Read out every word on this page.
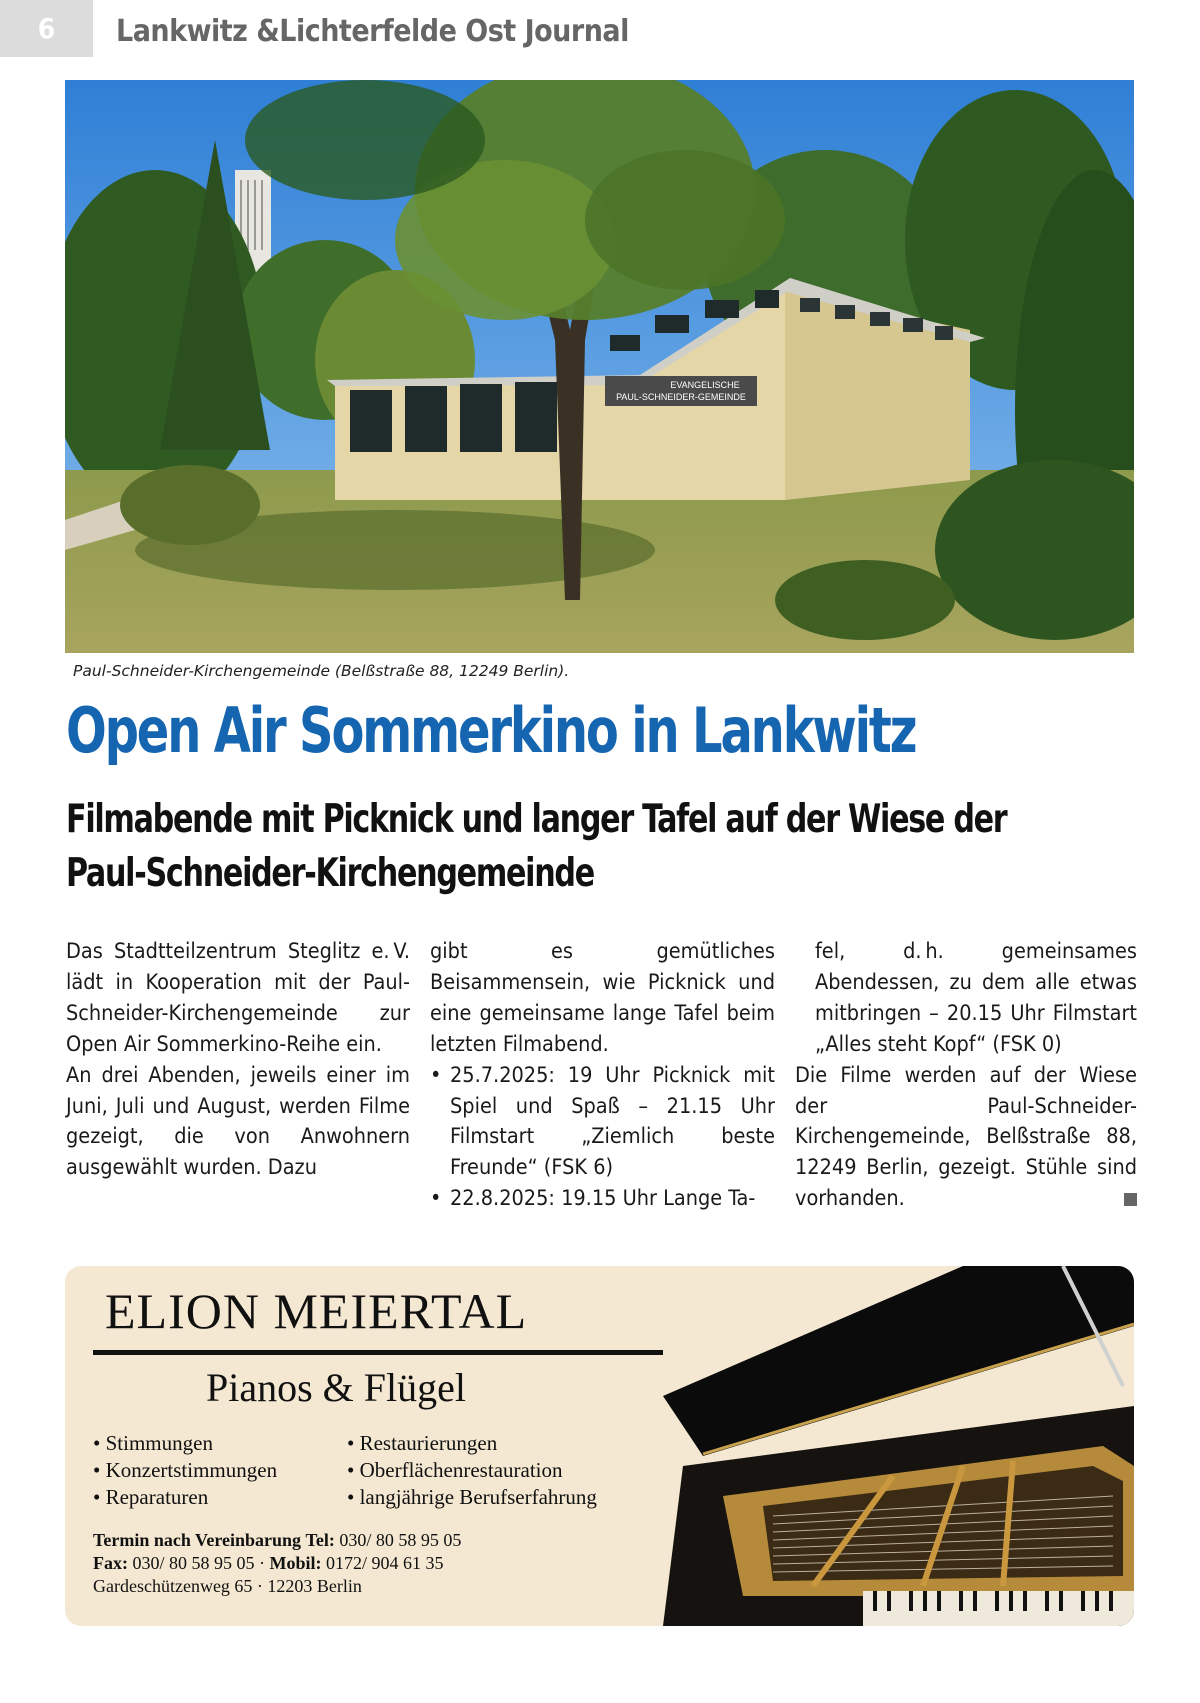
6	Lankwitz &Lichterfelde Ost Journal
EVANGELISCHE
PAUL-SCHNEIDER-GEMEINDE
Paul-Schneider-Kirchengemeinde (Belßstraße 88, 12249 Berlin).
Open Air Sommerkino in Lankwitz
Filmabende mit Picknick und langer Tafel auf der Wiese der
Paul-Schneider-Kirchengemeinde

Das Stadtteilzentrum Steglitz e. V. lädt in Kooperation mit der Paul-Schneider-Kirchengemeinde zur Open Air Sommerkino-Reihe ein.

An drei Abenden, jeweils einer im Juni, Juli und August, werden Filme gezeigt, die von Anwohnern ausgewählt wurden. Dazu

gibt es gemütliches Beisammensein, wie Picknick und eine gemeinsame lange Tafel beim letzten Filmabend.

• 25.7.2025: 19 Uhr Picknick mit Spiel und Spaß – 21.15 Uhr Filmstart „Ziemlich beste Freunde“ (FSK 6)

• 22.8.2025: 19.15 Uhr Lange Ta-

fel, d. h. gemeinsames Abendessen, zu dem alle etwas mitbringen – 20.15 Uhr Filmstart „Alles steht Kopf“ (FSK 0)

Die Filme werden auf der Wiese der Paul-Schneider-Kirchengemeinde, Belßstraße 88, 12249 Berlin, gezeigt. Stühle sind vorhanden.

ELION MEIERTAL
Pianos & Flügel
• Stimmungen
• Konzertstimmungen
• Reparaturen
• Restaurierungen
• Oberflächenrestauration
• langjährige Berufserfahrung
Termin nach Vereinbarung Tel: 030/ 80 58 95 05
Fax: 030/ 80 58 95 05 · Mobil: 0172/ 904 61 35
Gardeschützenweg 65 · 12203 Berlin
